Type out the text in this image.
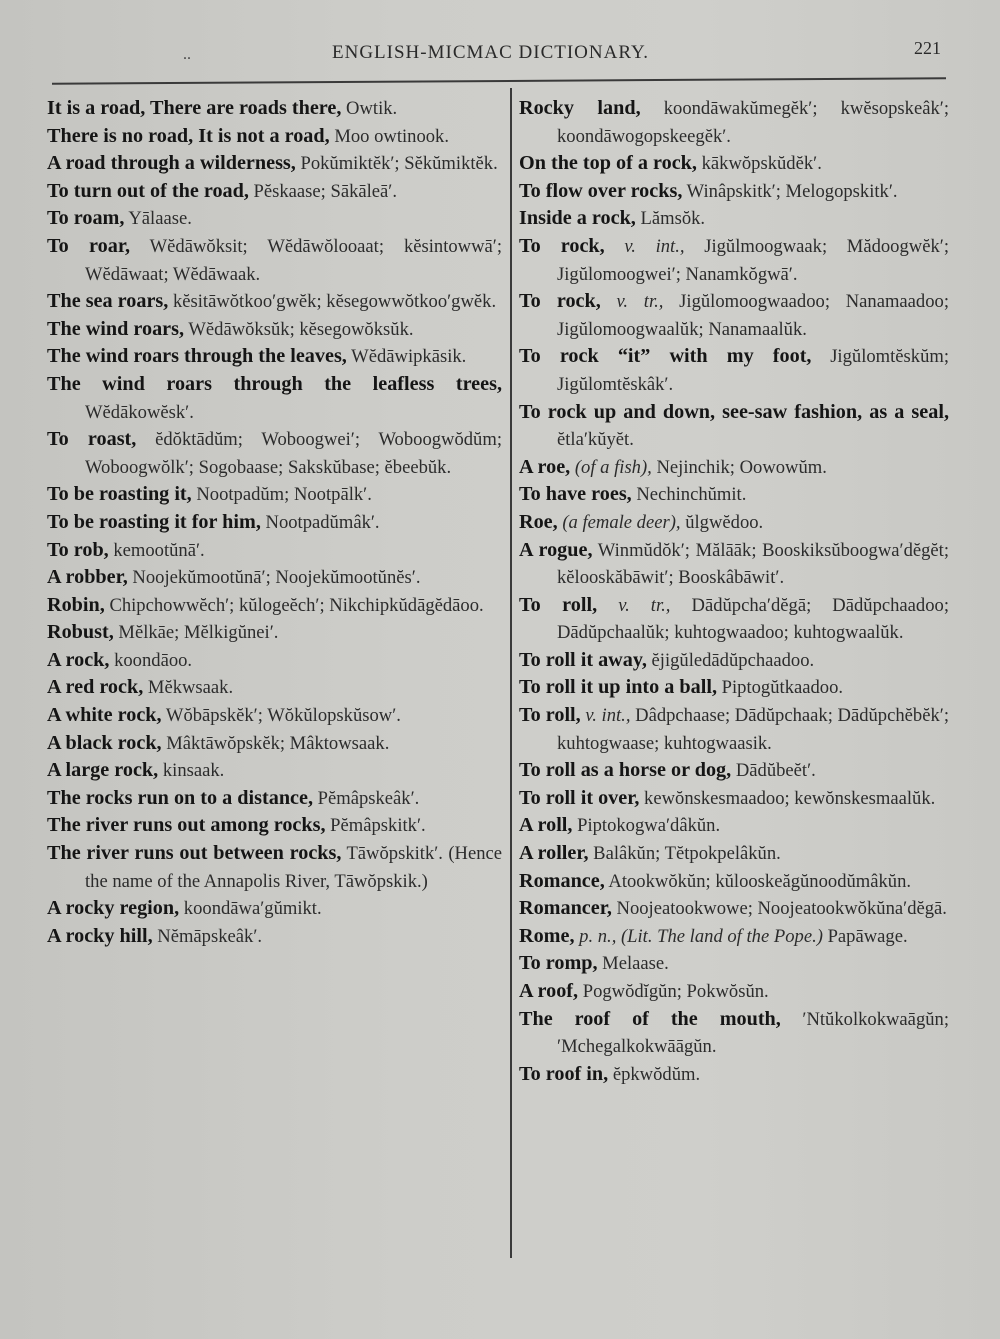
..	ENGLISH-MICMAC DICTIONARY.	221

It is a road, There are roads there, Owtik.

There is no road, It is not a road, Moo owtinook.

A road through a wilderness, Pokŭmiktĕk′; Sĕkŭmiktĕk.

To turn out of the road, Pĕskaase; Sākāleā′.

To roam, Yālaase.

To roar, Wĕdāwŏksit; Wĕdāwŏlooaat; kĕsintowwā′; Wĕdāwaat; Wĕdāwaak.

The sea roars, kĕsitāwŏtkoo′gwĕk; kĕsegowwŏtkoo′gwĕk.

The wind roars, Wĕdāwŏksŭk; kĕsegowŏksŭk.

The wind roars through the leaves, Wĕdāwipkāsik.

The wind roars through the leafless trees, Wĕdākowĕsk′.

To roast, ĕdŏktādŭm; Woboogwei′; Woboogwŏdŭm; Woboogwŏlk′; Sogobaase; Sakskŭbase; ĕbeebŭk.

To be roasting it, Nootpadŭm; Nootpālk′.

To be roasting it for him, Nootpadŭmâk′.

To rob, kemootŭnā′.

A robber, Noojekŭmootŭnā′; Noojekŭmootŭnĕs′.

Robin, Chipchowwĕch′; kŭlogeĕch′; Nikchipkŭdāgĕdāoo.

Robust, Mĕlkāe; Mĕlkigŭnei′.

A rock, koondāoo.

A red rock, Mĕkwsaak.

A white rock, Wŏbāpskĕk′; Wŏkŭlopskŭsow′.

A black rock, Mâktāwŏpskĕk; Mâktowsaak.

A large rock, kinsaak.

The rocks run on to a distance, Pĕmâpskeâk′.

The river runs out among rocks, Pĕmâpskitk′.

The river runs out between rocks, Tāwŏpskitk′. (Hence the name of the Annapolis River, Tāwŏpskik.)

A rocky region, koondāwa′gŭmikt.

A rocky hill, Nĕmāpskeâk′.

Rocky land, koondāwakŭmegĕk′; kwĕsopskeâk′; koondāwogopskeegĕk′.

On the top of a rock, kākwŏpskŭdĕk′.

To flow over rocks, Winâpskitk′; Melogopskitk′.

Inside a rock, Lămsŏk.

To rock, v. int., Jigŭlmoogwaak; Mădoogwĕk′; Jigŭlomoogwei′; Nanamkŏgwā′.

To rock, v. tr., Jigŭlomoogwaadoo; Nanamaadoo; Jigŭlomoogwaalŭk; Nanamaalŭk.

To rock “it” with my foot, Jigŭlomtĕskŭm; Jigŭlomtĕskâk′.

To rock up and down, see-saw fashion, as a seal, ĕtla′kŭyĕt.

A roe, (of a fish), Nejinchik; Oowowŭm.

To have roes, Nechinchŭmit.

Roe, (a female deer), ŭlgwĕdoo.

A rogue, Winmŭdŏk′; Mălāāk; Booskiksŭboogwa′dĕgĕt; kĕlooskăbāwit′; Booskâbāwit′.

To roll, v. tr., Dādŭpcha′dĕgā; Dādŭpchaadoo; Dādŭpchaalŭk; kuhtogwaadoo; kuhtogwaalŭk.

To roll it away, ĕjigŭledādŭpchaadoo.

To roll it up into a ball, Piptogŭtkaadoo.

To roll, v. int., Dâdpchaase; Dādŭpchaak; Dādŭpchĕbĕk′; kuhtogwaase; kuhtogwaasik.

To roll as a horse or dog, Dādŭbeĕt′.

To roll it over, kewŏnskesmaadoo; kewŏnskesmaalŭk.

A roll, Piptokogwa′dâkŭn.

A roller, Balâkŭn; Tĕtpokpelâkŭn.

Romance, Atookwŏkŭn; kŭlooskeăgŭnoodŭmâkŭn.

Romancer, Noojeatookwowe; Noojeatookwŏkŭna′dĕgā.

Rome, p. n., (Lit. The land of the Pope.) Papāwage.

To romp, Melaase.

A roof, Pogwŏdĭgŭn; Pokwŏsŭn.

The roof of the mouth, ′Ntŭkolkokwaāgŭn; ′Mchegalkokwāāgŭn.

To roof in, ĕpkwŏdŭm.
